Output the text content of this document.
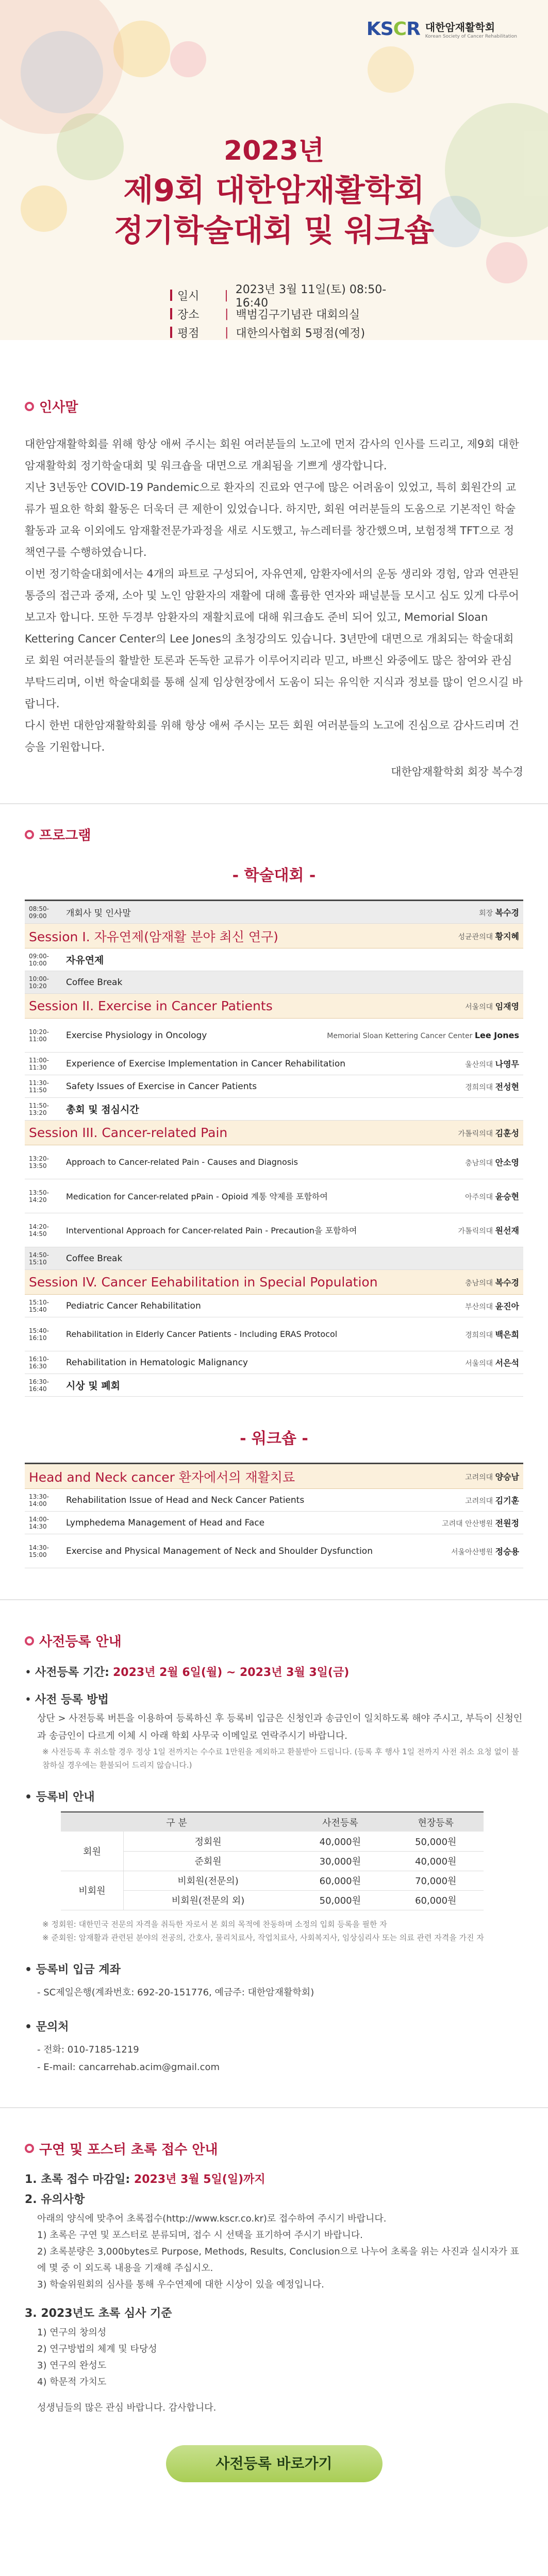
KSCR 대한암재활학회
Korean Society of Cancer Rehabilitation
2023년
제9회 대한암재활학회
정기학술대회 및 워크숍
일시	| 2023년 3월 11일(토) 08:50-16:40
장소	| 백범김구기념관 대회의실
평점	| 대한의사협회 5평점(예정)
인사말

대한암재활학회를 위해 항상 애써 주시는 회원 여러분들의 노고에 먼저 감사의 인사를 드리고, 제9회 대한암재활학회 정기학술대회 및 워크숍을 대면으로 개최됨을 기쁘게 생각합니다.

지난 3년동안 COVID-19 Pandemic으로 환자의 진료와 연구에 많은 어려움이 있었고, 특히 회원간의 교류가 필요한 학회 활동은 더욱더 큰 제한이 있었습니다. 하지만, 회원 여러분들의 도움으로 기본적인 학술활동과 교육 이외에도 암재활전문가과정을 새로 시도했고, 뉴스레터를 창간했으며, 보험정책 TFT으로 정책연구를 수행하였습니다.

이번 정기학술대회에서는 4개의 파트로 구성되어, 자유연제, 암환자에서의 운동 생리와 경험, 암과 연관된 통증의 접근과 중재, 소아 및 노인 암환자의 재활에 대해 훌륭한 연자와 패널분들 모시고 심도 있게 다루어 보고자 합니다. 또한 두경부 암환자의 재활치료에 대해 워크숍도 준비 되어 있고, Memorial Sloan Kettering Cancer Center의 Lee Jones의 초청강의도 있습니다. 3년만에 대면으로 개최되는 학술대회로 회원 여러분들의 활발한 토론과 돈독한 교류가 이루어지리라 믿고, 바쁘신 와중에도 많은 참여와 관심 부탁드리며, 이번 학술대회를 통해 실제 임상현장에서 도움이 되는 유익한 지식과 정보를 많이 얻으시길 바랍니다.

다시 한번 대한암재활학회를 위해 항상 애써 주시는 모든 회원 여러분들의 노고에 진심으로 감사드리며 건승을 기원합니다.

대한암재활학회 회장 복수경

프로그램
- 학술대회 -
08:50-09:00	개회사 및 인사말	회장 복수경
Session I. 자유연제(암재활 분야 최신 연구)	성균관의대 황지혜
09:00-10:00	자유연제
10:00-10:20	Coffee Break
Session II. Exercise in Cancer Patients	서울의대 임재영
10:20-11:00	Exercise Physiology in Oncology	Memorial Sloan Kettering Cancer Center Lee Jones
11:00-11:30	Experience of Exercise Implementation in Cancer Rehabilitation	울산의대 나영무
11:30-11:50	Safety Issues of Exercise in Cancer Patients	경희의대 전성현
11:50-13:20	총회 및 점심시간
Session III. Cancer-related Pain	가톨릭의대 김훈성
13:20-13:50	Approach to Cancer-related Pain - Causes and Diagnosis	충남의대 안소영
13:50-14:20	Medication for Cancer-related pPain - Opioid 계통 약제를 포함하여	아주의대 윤승현
14:20-14:50	Interventional Approach for Cancer-related Pain - Precaution을 포함하여	가톨릭의대 원선재
14:50-15:10	Coffee Break
Session IV. Cancer Eehabilitation in Special Population	충남의대 복수경
15:10-15:40	Pediatric Cancer Rehabilitation	부산의대 윤진아
15:40-16:10	Rehabilitation in Elderly Cancer Patients - Including ERAS Protocol	경희의대 백은희
16:10-16:30	Rehabilitation in Hematologic Malignancy	서울의대 서은석
16:30-16:40	시상 및 폐회
- 워크숍 -
Head and Neck cancer 환자에서의 재활치료	고려의대 양승남
13:30-14:00	Rehabilitation Issue of Head and Neck Cancer Patients	고려의대 김기훈
14:00-14:30	Lymphedema Management of Head and Face	고려대 안산병원 전원정
14:30-15:00	Exercise and Physical Management of Neck and Shoulder Dysfunction	서울아산병원 정승용
사전등록 안내
• 사전등록 기간: 2023년 2월 6일(월) ~ 2023년 3월 3일(금)
• 사전 등록 방법
상단 > 사전등록 버튼을 이용하여 등록하신 후 등록비 입금은 신청인과 송금인이 일치하도록 해야 주시고, 부득이 신청인과 송금인이 다르게 이체 시 아래 학회 사무국 이메일로 연락주시기 바랍니다.
※ 사전등록 후 취소할 경우 정상 1일 전까지는 수수료 1만원을 제외하고 환불받아 드립니다. (등록 후 행사 1일 전까지 사전 취소 요청 없이 불참하실 경우에는 환불되어 드리지 않습니다.)
• 등록비 안내
구 분		사전등록	현장등록
회원	정회원	40,000원	50,000원
	준회원	30,000원	40,000원
비회원	비회원(전문의)	60,000원	70,000원
	비회원(전문의 외)	50,000원	60,000원
※ 정회원: 대한민국 전문의 자격을 취득한 자로서 본 회의 목적에 찬동하며 소정의 입회 등록을 필한 자
※ 준회원: 암재활과 관련된 분야의 전공의, 간호사, 물리치료사, 작업치료사, 사회복지사, 임상심리사 또는 의료 관련 자격을 가진 자
• 등록비 입금 계좌
- SC제일은행(계좌번호: 692-20-151776, 예금주: 대한암재활학회)
• 문의처
- 전화: 010-7185-1219
- E-mail: cancarrehab.acim@gmail.com
구연 및 포스터 초록 접수 안내
1. 초록 접수 마감일: 2023년 3월 5일(일)까지
2. 유의사항
아래의 양식에 맞추어 초록접수(http://www.kscr.co.kr)로 접수하여 주시기 바랍니다.
1) 초록은 구연 및 포스터로 분류되며, 접수 시 선택을 표기하여 주시기 바랍니다.
2) 초록분량은 3,000bytes로 Purpose, Methods, Results, Conclusion으로 나누어 초록을 위는 사진과 실시자가 표에 몇 중 이 외도록 내용을 기재해 주십시오.
3) 학술위원회의 심사를 통해 우수연제에 대한 시상이 있을 예정입니다.
3. 2023년도 초록 심사 기준
1) 연구의 창의성
2) 연구방법의 체계 및 타당성
3) 연구의 완성도
4) 학문적 가치도
성생님들의 많은 관심 바랍니다. 감사합니다.
사전등록 바로가기
